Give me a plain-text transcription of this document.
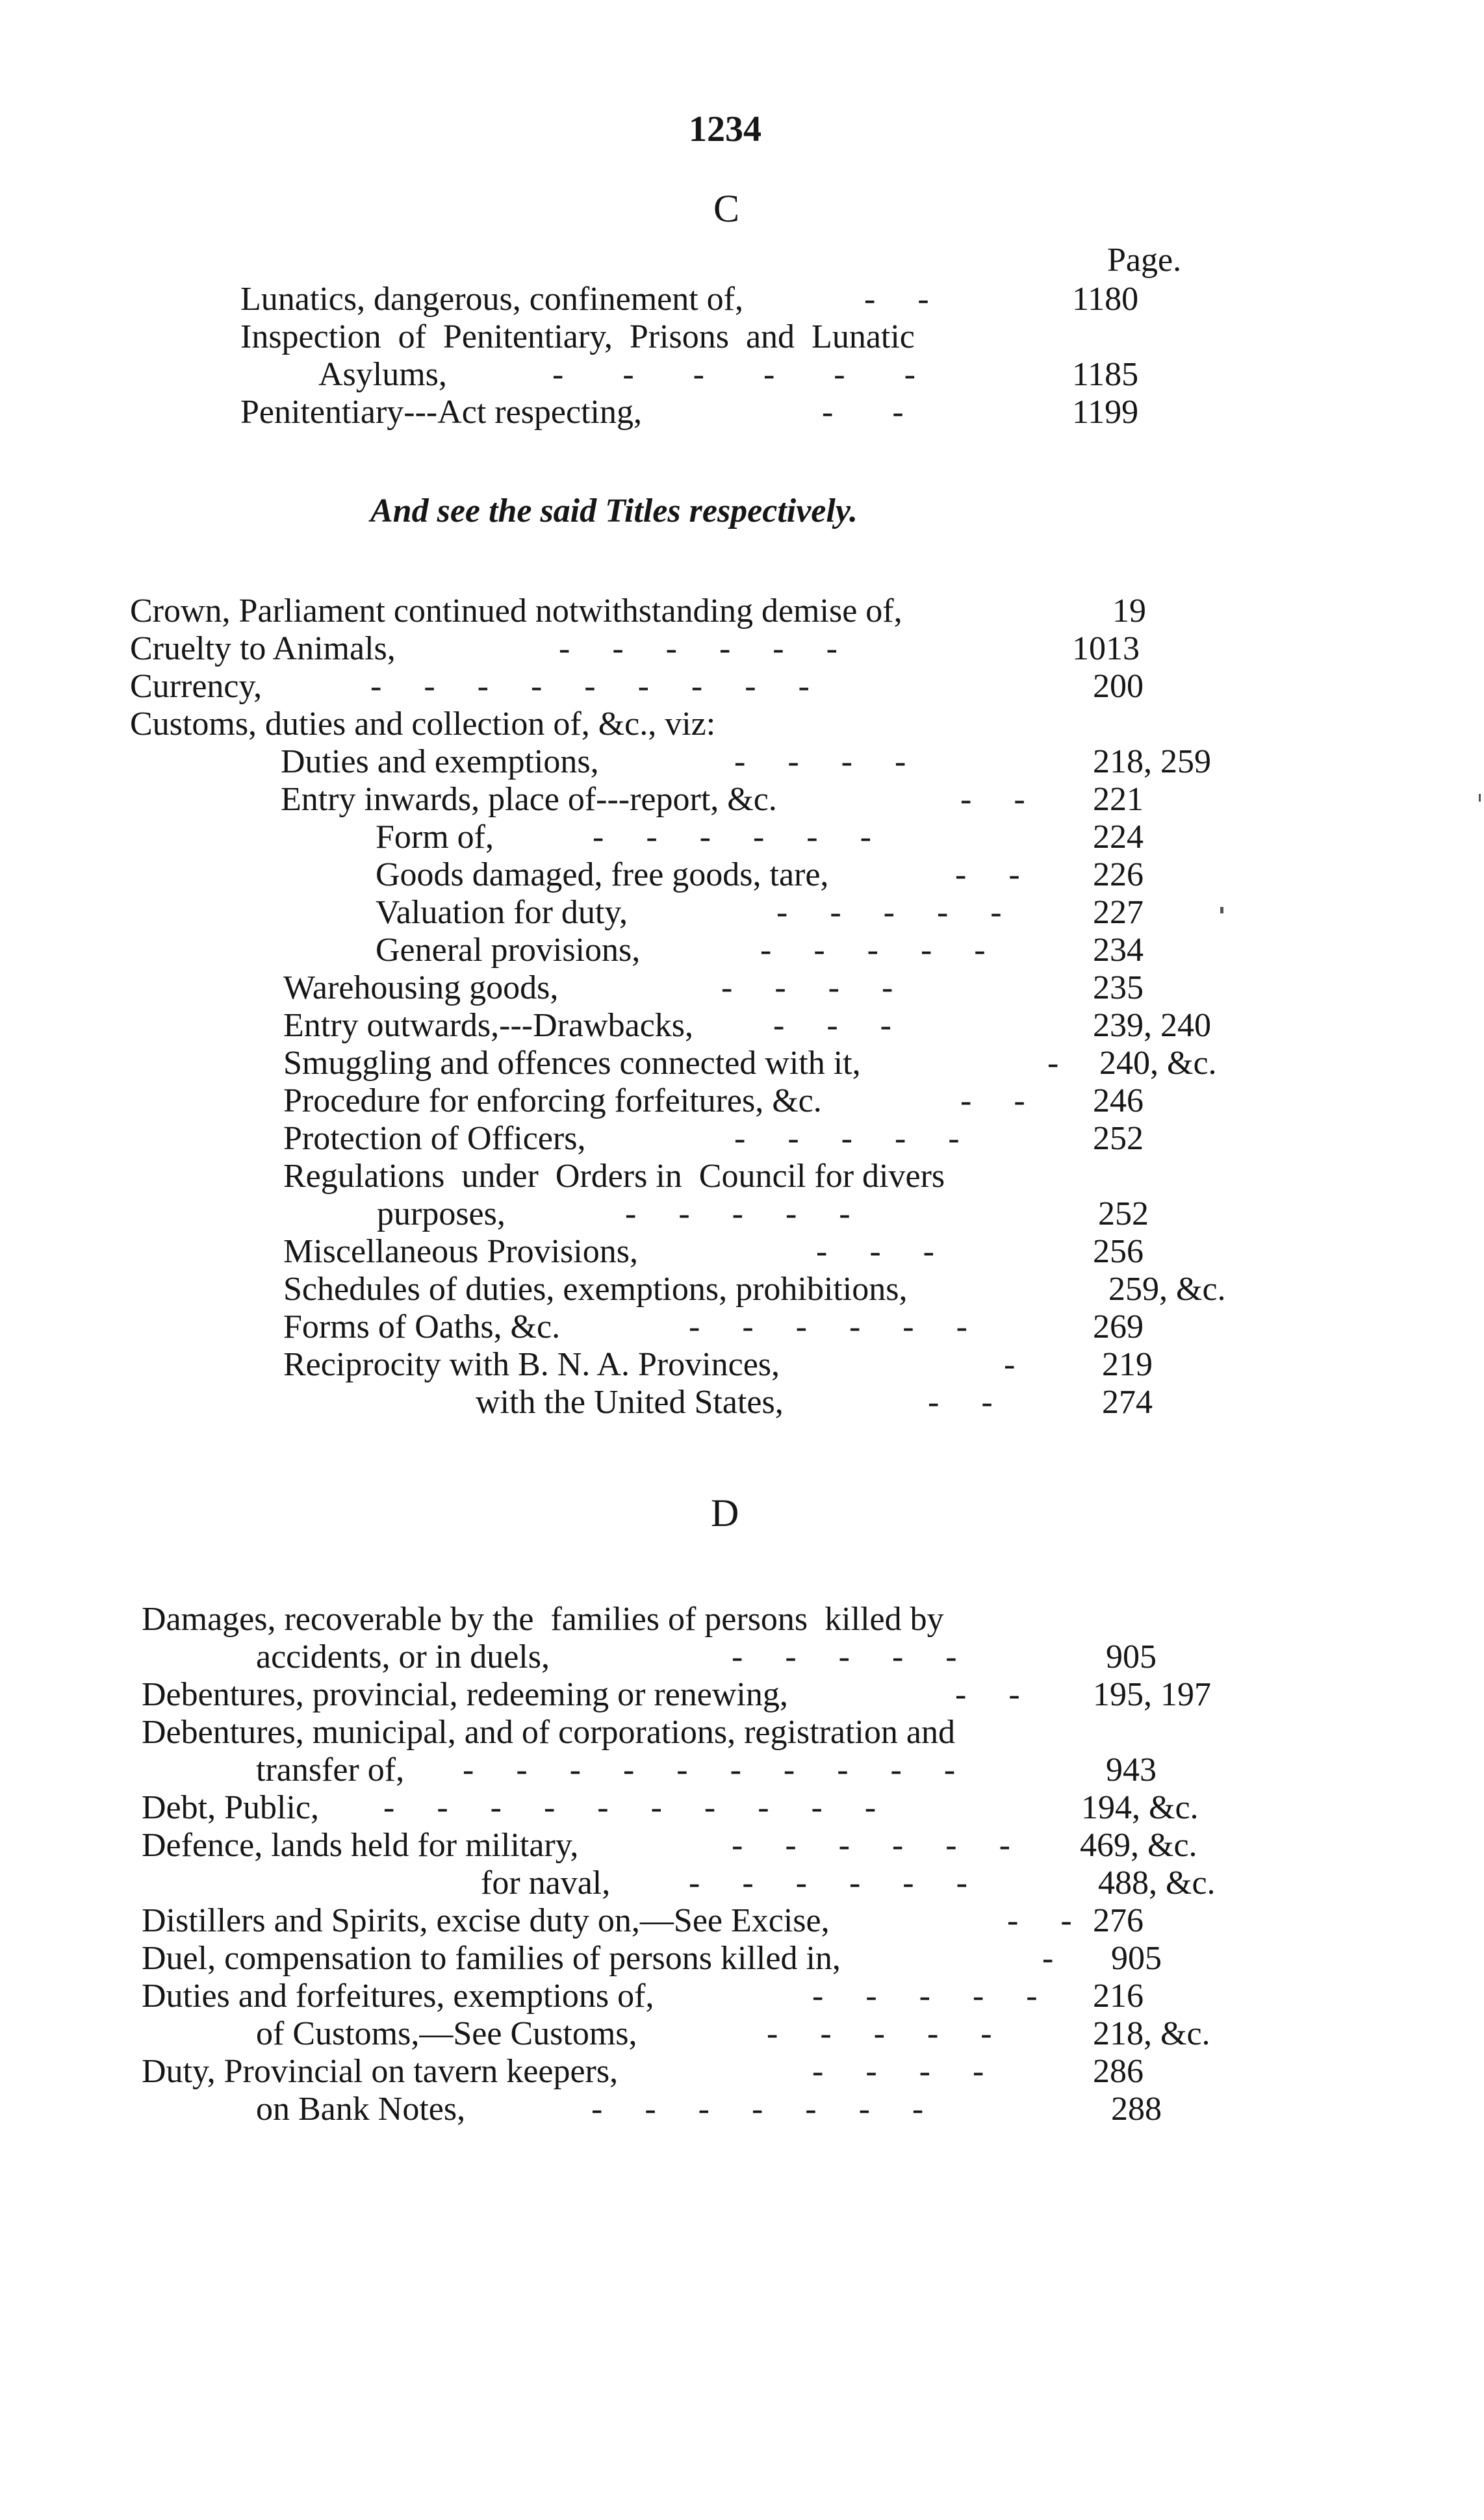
1234
C
Page.
Lunatics, dangerous, confinement of,	-     -	1180
Inspection  of  Penitentiary,  Prisons  and  Lunatic
Asylums,	-       -       -       -       -       -	1185
Penitentiary---Act respecting,	-       -	1199
And see the said Titles respectively.
Crown, Parliament continued notwithstanding demise of,	19
Cruelty to Animals,	-     -     -     -     -     -	1013
Currency,	-     -     -     -     -     -     -     -     -	200
Customs, duties and collection of, &c., viz:
Duties and exemptions,	-     -     -     -	218, 259
Entry inwards, place of---report, &c.	-     - 221
Form of,	-     -     -     -     -     -	224
Goods damaged, free goods, tare,	-     - 226
Valuation for duty,	-     -     -     -     -	227
General provisions,	-     -     -     -     -	234
Warehousing goods,	-     -     -     -	235
Entry outwards,---Drawbacks, -     -     -	239, 240
Smuggling and offences connected with it,	- 240, &c.
Procedure for enforcing forfeitures, &c.	-     - 246
Protection of Officers,	-     -     -     -     -	252
Regulations  under  Orders in  Council for divers
purposes,	-     -     -     -     -	252
Miscellaneous Provisions,	-     -     -	256
Schedules of duties, exemptions, prohibitions,	259, &c.
Forms of Oaths, &c.	-     -     -     -     -     -	269
Reciprocity with B. N. A. Provinces,	-	219
with the United States,	-     -	274
D
Damages, recoverable by the  families of persons  killed by
accidents, or in duels,	-     -     -     -     -	905
Debentures, provincial, redeeming or renewing,	-     - 195, 197
Debentures, municipal, and of corporations, registration and
transfer of, -     -     -     -     -     -     -     -     -     -	943
Debt, Public, -     -     -     -     -     -     -     -     -     -	194, &c.
Defence, lands held for military,	-     -     -     -     -     - 469, &c.
for naval, -     -     -     -     -     -	488, &c.
Distillers and Spirits, excise duty on,—See Excise,	-     - 276
Duel, compensation to families of persons killed in,	- 905
Duties and forfeitures, exemptions of,	-     -     -     -     - 216
of Customs,—See Customs,	-     -     -     -     -	218, &c.
Duty, Provincial on tavern keepers,	-     -     -     -	286
on Bank Notes,	-     -     -     -     -     -     -	288
